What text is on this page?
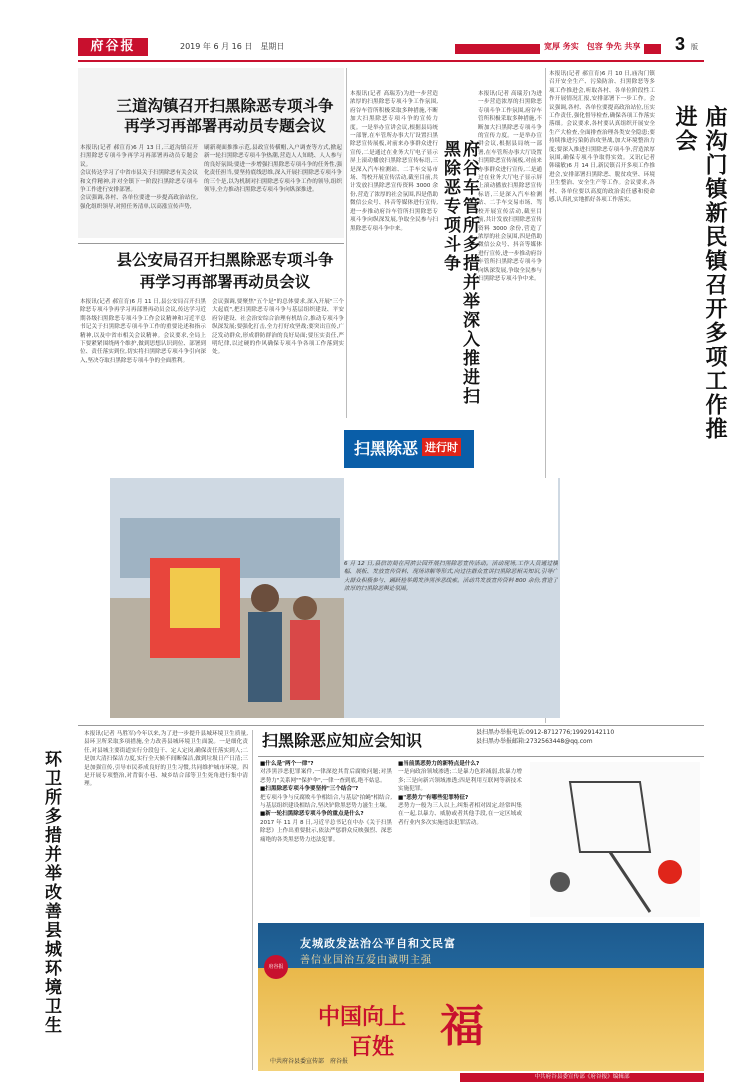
府谷报	2019 年 6 月 16 日　星期日	宽厚 务实　包容 争先 共享 3 版
三道沟镇召开扫黑除恶专项斗争
再学习再部署再动员专题会议

本报讯(记者 郝宣育)6 月 13 日,三道沟镇召开扫黑除恶专项斗争再学习再部署再动员专题会议。

会议传达学习了中省市县关于扫黑除恶有关会议和文件精神,并对全镇下一阶段扫黑除恶专项斗争工作进行安排部署。

会议强调,各村、各单位要进一步提高政治站位,强化组织领导,对照任务清单,以高涨宣传声势,

刷新观面推推示范,县政宣传横帽,入户调查等方式,掀起新一轮扫黑除恶专项斗争热潮,营造人人知晓、人人参与的良好氛围;要进一步增强扫黑除恶专项斗争的任务性,强化责任担当,要坚持底线思维,深入开展扫黑除恶专项斗争的三个是,以为机制对扫黑除恶专项斗争工作的领导,组织领导,全力推动扫黑除恶专项斗争向纵深推进。

县公安局召开扫黑除恶专项斗争
再学习再部署再动员会议

本报讯(记者 郝宣育)6 月 11 日,县公安局召开扫黑除恶专项斗争再学习再部署再动员会议,传达学习近期各级扫黑除恶专项斗争工作会议精神和习近平总书记关于扫黑除恶专项斗争工作的重要论述和指示精神,以及中省市相关会议精神。会议要求,全局上下要紧紧围绕两个维护,做到思想认识到位、部署到位、责任落实到位,切实将扫黑除恶专项斗争引向深入,坚决夺取扫黑除恶专项斗争的全面胜利。

会议强调,要聚焦"五个是"的总体要求,深入开展"三个大起底",把扫黑除恶专项斗争与基层组织建设、平安府谷建设、社会治安综合治理有机结合,推动专项斗争纵深发展;要强化打击,全力打好攻坚战;要突出宣传,广泛发动群众,形成群防群治的良好局面;要压实责任,严明纪律,以过硬的作风确保专项斗争各项工作落到实处。

本报讯(记者 高瑞芳)为进一步营造浓厚的扫黑除恶专项斗争工作氛围,府谷车管所积极采取多种措施,不断加大扫黑除恶专项斗争的宣传力度。一是举办宣讲会议,根据县局统一部署,在车管所办事大厅设置扫黑除恶宣传展板,对前来办事群众进行宣传,二是通过在业务大厅电子显示屏上滚动播放扫黑除恶宣传标语,三是深入汽车检测站、二手车交易市场、驾校开展宣传活动,截至目前,共计发放扫黑除恶宣传资料 3000 余份,营造了浓厚的社会氛围,四是借助微信公众号、抖音等媒体进行宣传,进一步推动府谷车管所扫黑除恶专项斗争向纵深发展,争取全民参与扫黑除恶专项斗争中来。	府谷车管所多措并举深入推进扫黑除恶专项斗争

本报讯(记者 高瑞芳)为进一步营造浓厚的扫黑除恶专项斗争工作氛围,府谷车管所积极采取多种措施,不断加大扫黑除恶专项斗争的宣传力度。一是举办宣讲会议,根据县局统一部署,在车管所办事大厅设置扫黑除恶宣传展板,对前来办事群众进行宣传,二是通过在业务大厅电子显示屏上滚动播放扫黑除恶宣传标语,三是深入汽车检测站、二手车交易市场、驾校开展宣传活动,截至目前,共计发放扫黑除恶宣传资料 3000 余份,营造了浓厚的社会氛围,四是借助微信公众号、抖音等媒体进行宣传,进一步推动府谷车管所扫黑除恶专项斗争向纵深发展,争取全民参与扫黑除恶专项斗争中来。

本报讯(记者 郝宣育)6 月 10 日,庙沟门镇召开安全生产、污染防治、扫黑除恶等多项工作推进会,听取各村、各单位阶段性工作开展情况汇报,安排部署下一步工作。会议强调,各村、各单位要提高政治站位,压实工作责任,强化督导检查,确保各项工作落实落细。会议要求,各村要认真组织开展安全生产大检查,全面排查治理各类安全隐患;要持续推进污染防治攻坚战,加大环境整治力度;要深入推进扫黑除恶专项斗争,营造浓厚氛围,确保专项斗争取得实效。又讯(记者 韩瑞敏)6 月 14 日,新民镇召开多项工作推进会,安排部署扫黑除恶、脱贫攻坚、环境卫生整治、安全生产等工作。会议要求,各村、各单位要以高度的政治责任感和使命感,认真扎实地抓好各项工作落实。	庙沟门镇新民镇召开多项工作推进会
扫黑除恶 进行时

6 月 12 日,县信访局在河滨公园开展扫黑除恶宣传活动。活动现场,工作人员通过横幅、展板、发放宣传资料、现场讲解等形式,向过往群众宣讲扫黑除恶相关知识,引导广大群众积极参与、踊跃检举揭发涉黑涉恶线索。活动共发放宣传资料 800 余份,营造了浓厚的扫黑除恶舆论氛围。

环卫所多措并举改善县城环境卫生

本报讯(记者 马胜军)今年以来,为了进一步提升县城环境卫生质量,县环卫所采取多项措施,全力改善县城环境卫生面貌。一是细化责任,对县城主要街道实行分段包干、定人定岗,确保责任落实到人;二是加大清扫保洁力度,实行全天候不间断保洁,做到垃圾日产日清;三是加强宣传,引导市民养成良好的卫生习惯,共同维护城市环境。四是开展专项整治,对背街小巷、城乡结合部等卫生死角进行集中清理。

扫黑除恶应知应会知识	县扫黑办举报电话:0912-8712776;19929142110
县扫黑办举报邮箱:2732563448@qq.com

■什么是"两个一律"?

对涉黑涉恶犯罪案件,一律深挖其背后腐败问题;对黑恶势力"关系网""保护伞",一律一查到底,绝不姑息。

■扫黑除恶专项斗争要坚持"三个结合"?

把专项斗争与反腐败斗争相结合,与基层"拍蝇"相结合,与基层组织建设相结合,坚决铲除黑恶势力滋生土壤。

■新一轮扫黑除恶专项斗争的重点是什么?

2017 年 11 月 8 日,习近平总书记在中办《关于扫黑除恶》上作出重要批示,依法严惩群众反映强烈、深恶痛绝的各类黑恶势力违法犯罪。

■当前黑恶势力的新特点是什么?

一是向政治领域渗透;二是暴力色彩减弱,软暴力增多;三是向新兴领域渗透;四是利用互联网等新技术实施犯罪。

■"恶势力"有哪些犯罪特征?

恶势力一般为三人以上,纠集者相对固定,经常纠集在一起,以暴力、威胁或者其他手段,在一定区域或者行业内多次实施违法犯罪活动。

友城政发法治公平自和文民富
善信业国治互爱由诚明主强
府谷报
中国向上
百姓 福
中共府谷县委宣传部　府谷报
中共府谷县委宣传部《府谷报》编辑部
